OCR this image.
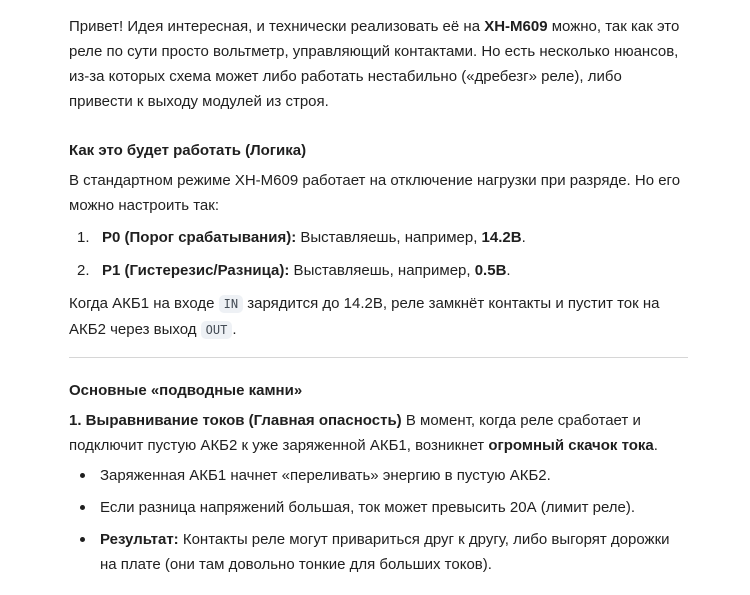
Привет! Идея интересная, и технически реализовать её на XH-M609 можно, так как это реле по сути просто вольтметр, управляющий контактами. Но есть несколько нюансов, из-за которых схема может либо работать нестабильно («дребезг» реле), либо привести к выходу модулей из строя.

Как это будет работать (Логика)

В стандартном режиме XH-M609 работает на отключение нагрузки при разряде. Но его можно настроить так:

1. P0 (Порог срабатывания): Выставляешь, например, 14.2В.
2. P1 (Гистерезис/Разница): Выставляешь, например, 0.5В.

Когда АКБ1 на входе IN зарядится до 14.2В, реле замкнёт контакты и пустит ток на АКБ2 через выход OUT .

Основные «подводные камни»

1. Выравнивание токов (Главная опасность) В момент, когда реле сработает и подключит пустую АКБ2 к уже заряженной АКБ1, возникнет огромный скачок тока.

Заряженная АКБ1 начнет «переливать» энергию в пустую АКБ2.
Если разница напряжений большая, ток может превысить 20А (лимит реле).
Результат: Контакты реле могут привариться друг к другу, либо выгорят дорожки на плате (они там довольно тонкие для больших токов).
